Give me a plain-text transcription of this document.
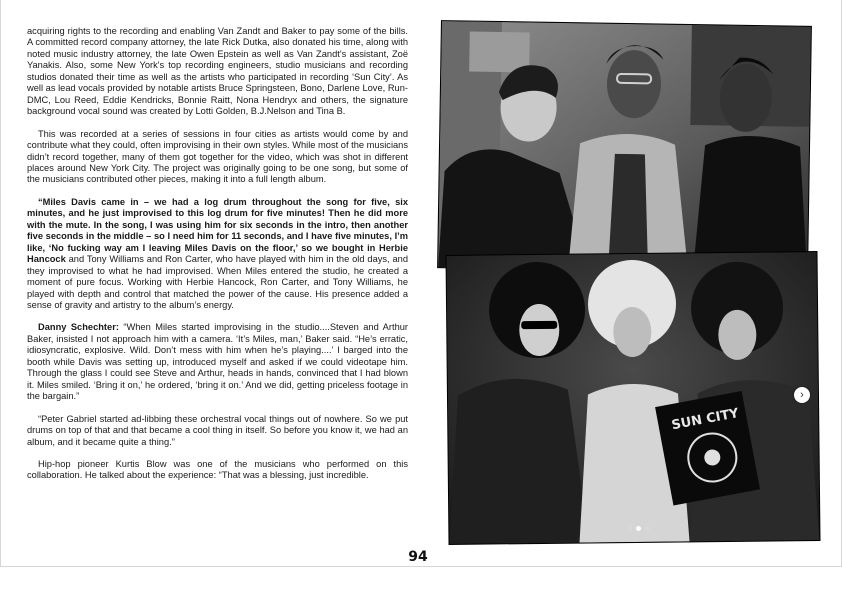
acquiring rights to the recording and enabling Van Zandt and Baker to pay some of the bills. A committed record company attorney, the late Rick Dutka, also donated his time, along with noted music industry attorney, the late Owen Epstein as well as Van Zandt's assistant, Zoë Yanakis. Also, some New York's top recording engineers, studio musicians and recording studios donated their time as well as the artists who participated in recording ‘Sun City’. As well as lead vocals provided by notable artists Bruce Springsteen, Bono, Darlene Love, Run-DMC, Lou Reed, Eddie Kendricks, Bonnie Raitt, Nona Hendryx and others, the signature background vocal sound was created by Lotti Golden, B.J.Nelson and Tina B.

This was recorded at a series of sessions in four cities as artists would come by and contribute what they could, often improvising in their own styles. While most of the musicians didn’t record together, many of them got together for the video, which was shot in different places around New York City. The project was originally going to be one song, but some of the musicians contributed other pieces, making it into a full length album.

“Miles Davis came in – we had a log drum throughout the song for five, six minutes, and he just improvised to this log drum for five minutes! Then he did more with the mute. In the song, I was using him for six seconds in the intro, then another five seconds in the middle – so I need him for 11 seconds, and I have five minutes, I’m like, ‘No fucking way am I leaving Miles Davis on the floor,’ so we bought in Herbie Hancock and Tony Williams and Ron Carter, who have played with him in the old days, and they improvised to what he had improvised. When Miles entered the studio, he created a moment of pure focus. Working with Herbie Hancock, Ron Carter, and Tony Williams, he played with depth and control that matched the power of the cause. His presence added a sense of gravity and artistry to the album’s energy.

Danny Schechter: “When Miles started improvising in the studio....Steven and Arthur Baker, insisted I not approach him with a camera. ‘It’s Miles, man,’ Baker said. “He’s erratic, idiosyncratic, explosive. Wild. Don’t mess with him when he’s playing....’ I barged into the booth while Davis was setting up, introduced myself and asked if we could videotape him. Through the glass I could see Steve and Arthur, heads in hands, convinced that I had blown it. Miles smiled. ‘Bring it on,’ he ordered, ‘bring it on.’ And we did, getting priceless footage in the bargain.”

“Peter Gabriel started ad-libbing these orchestral vocal things out of nowhere. So we put drums on top of that and that became a cool thing in itself. So before you know it, we had an album, and it became quite a thing.”

Hip-hop pioneer Kurtis Blow was one of the musicians who performed on this collaboration. He talked about the experience: “That was a blessing, just incredible.

SUN CITY
›
94
